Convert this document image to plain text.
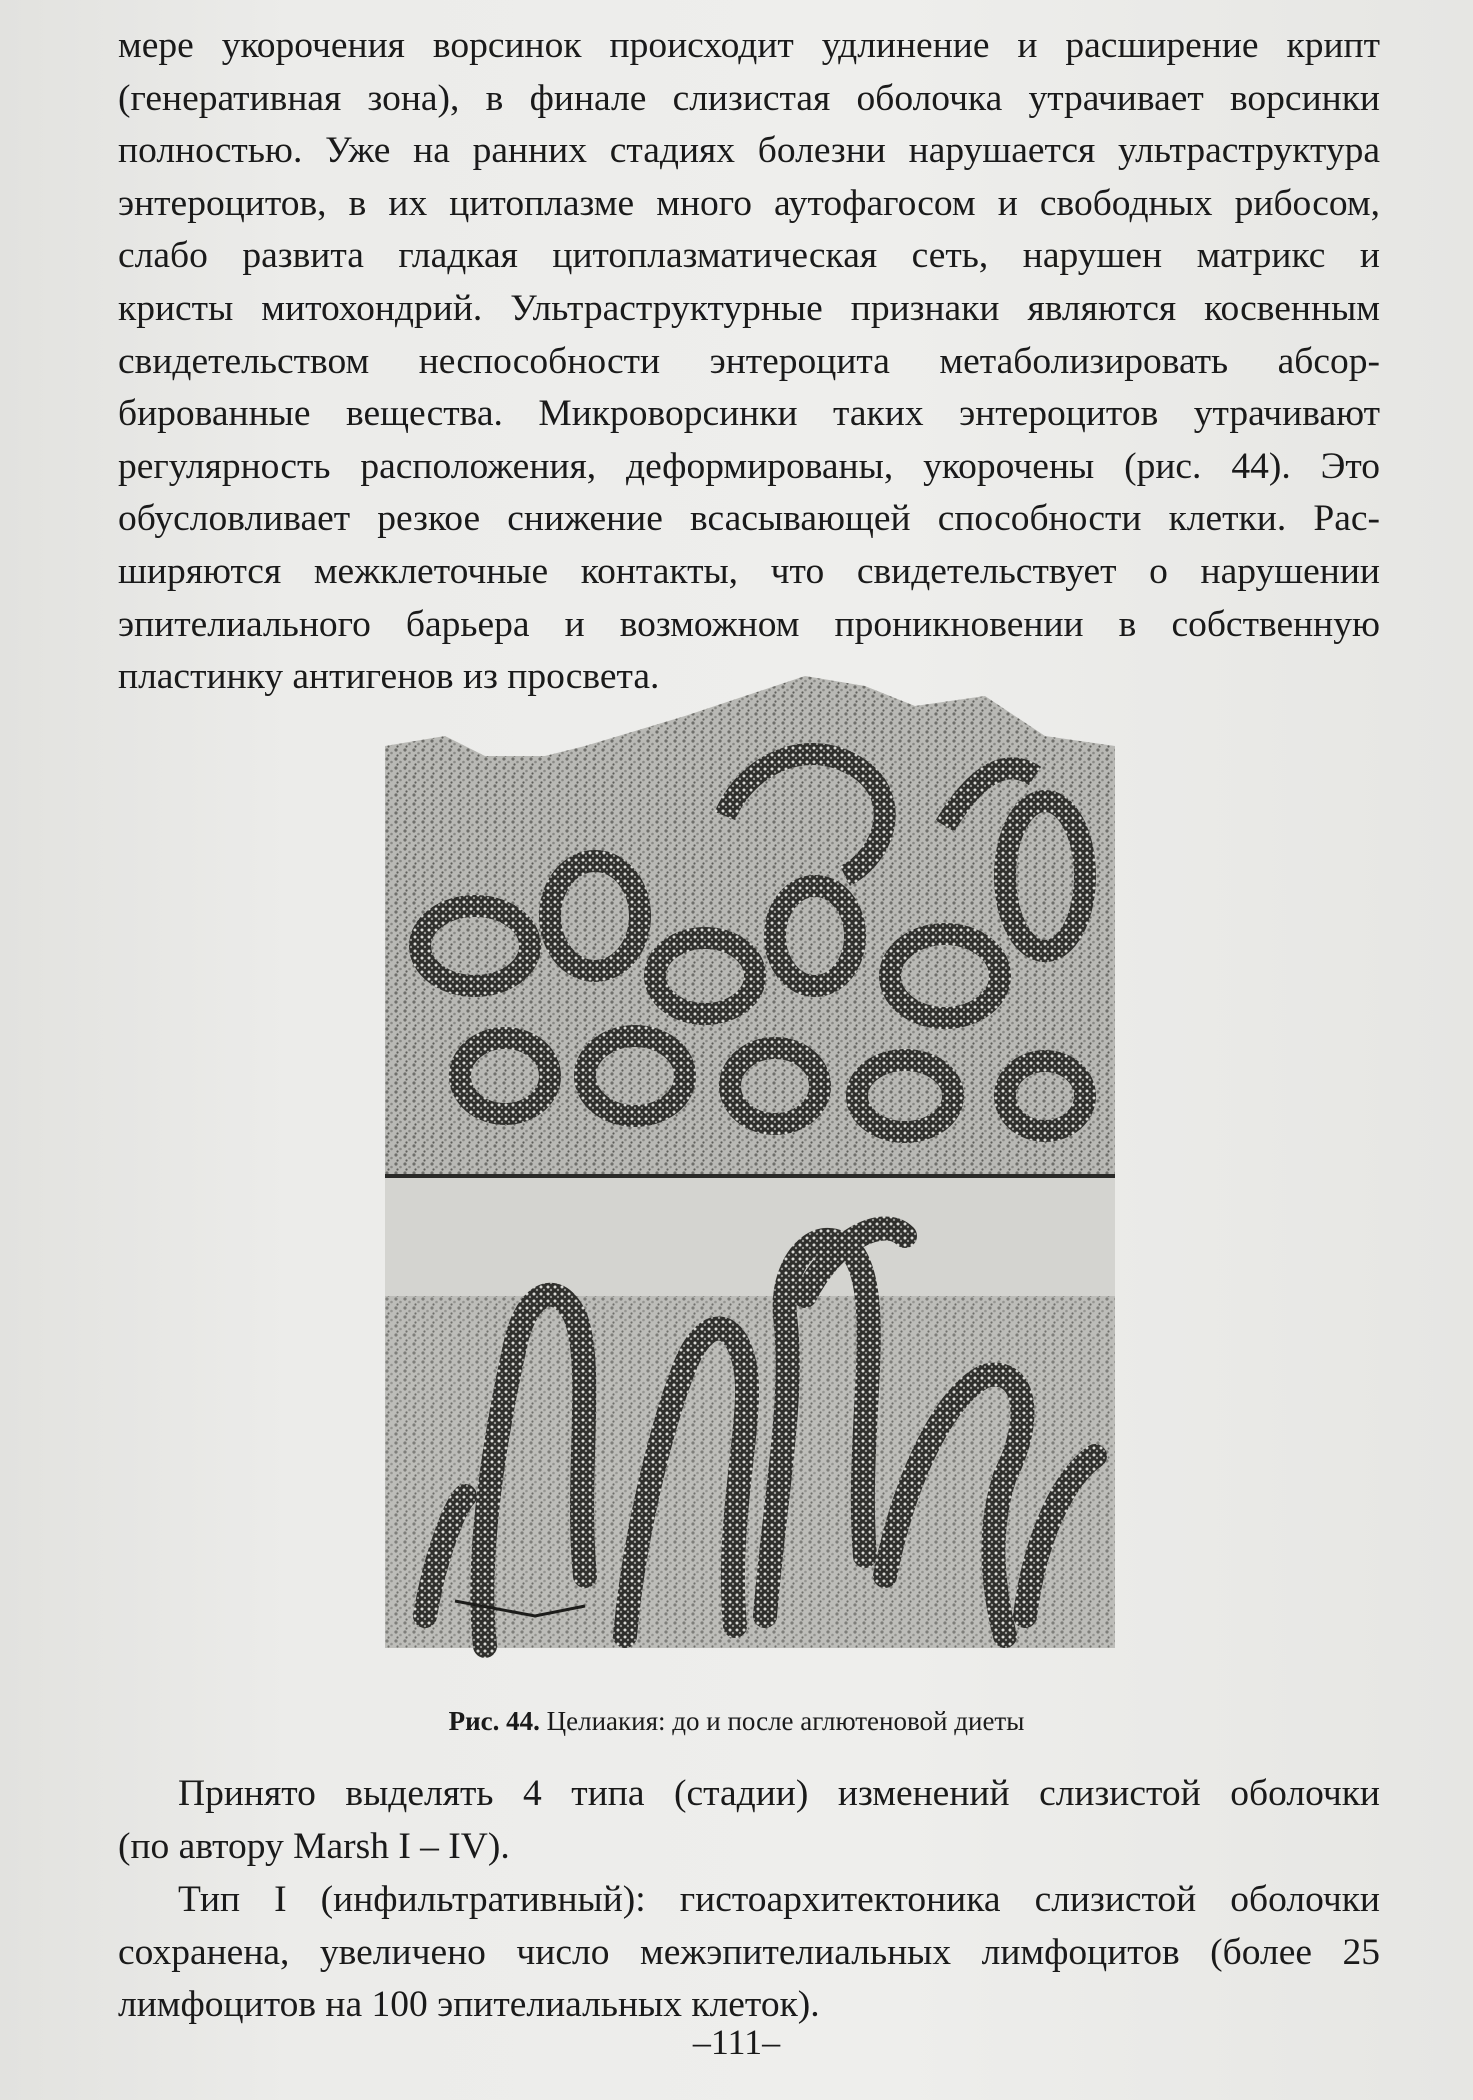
мере укорочения ворсинок происходит удлинение и расширение крипт
(генеративная зона), в финале слизистая оболочка утрачивает ворсинки
полностью. Уже на ранних стадиях болезни нарушается ультраструктура
энтероцитов, в их цитоплазме много аутофагосом и свободных рибосом,
слабо развита гладкая цитоплазматическая сеть, нарушен матрикс и
кристы митохондрий. Ультраструктурные признаки являются косвенным
свидетельством неспособности энтероцита метаболизировать абсор-
бированные вещества. Микроворсинки таких энтероцитов утрачивают
регулярность расположения, деформированы, укорочены (рис. 44). Это
обусловливает резкое снижение всасывающей способности клетки. Рас-
ширяются межклеточные контакты, что свидетельствует о нарушении
эпителиального барьера и возможном проникновении в собственную
пластинку антигенов из просвета.

Рис. 44. Целиакия: до и после аглютеновой диеты

Принято выделять 4 типа (стадии) изменений слизистой оболочки
(по автору Marsh I – IV).
Тип I (инфильтративный): гистоархитектоника слизистой оболочки
сохранена, увеличено число межэпителиальных лимфоцитов (более 25
лимфоцитов на 100 эпителиальных клеток).
–111–
